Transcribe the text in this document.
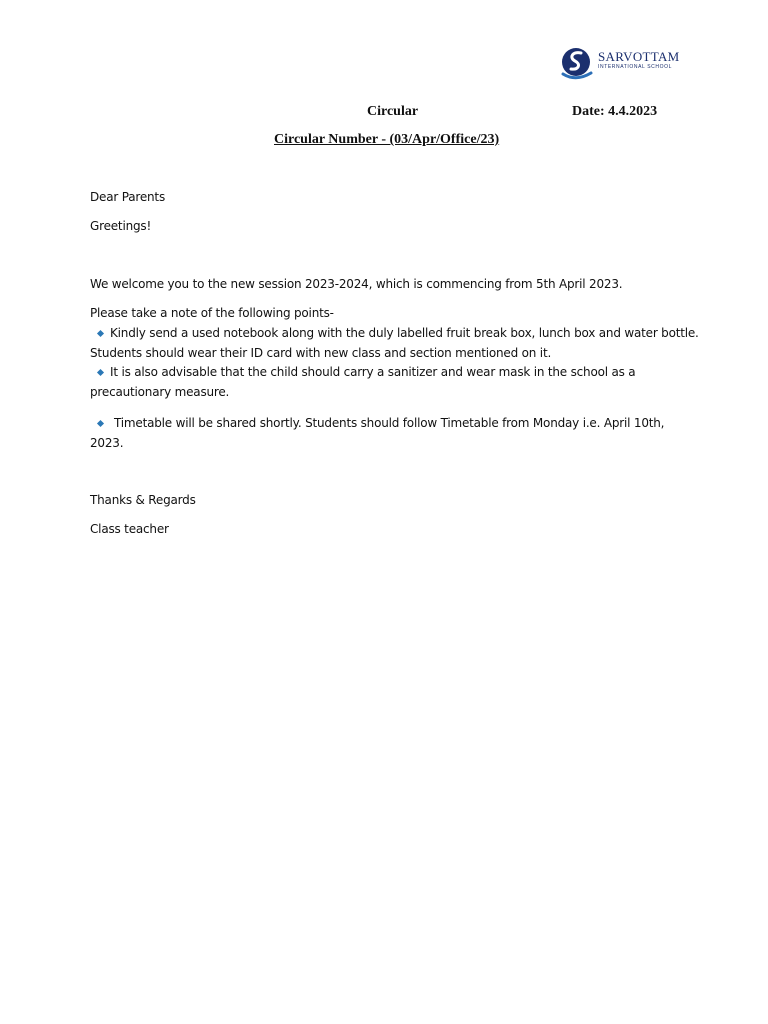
SARVOTTAM
INTERNATIONAL SCHOOL
Circular	Date: 4.4.2023
Circular Number - (03/Apr/Office/23)
Dear Parents
Greetings!
We welcome you to the new session 2023-2024, which is commencing from 5th April 2023.
Please take a note of the following points-
Kindly send a used notebook along with the duly labelled fruit break box, lunch box and water bottle.
Students should wear their ID card with new class and section mentioned on it.
It is also advisable that the child should carry a sanitizer and wear mask in the school as a
precautionary measure.
Timetable will be shared shortly. Students should follow Timetable from Monday i.e. April 10th,
2023.
Thanks & Regards
Class teacher
